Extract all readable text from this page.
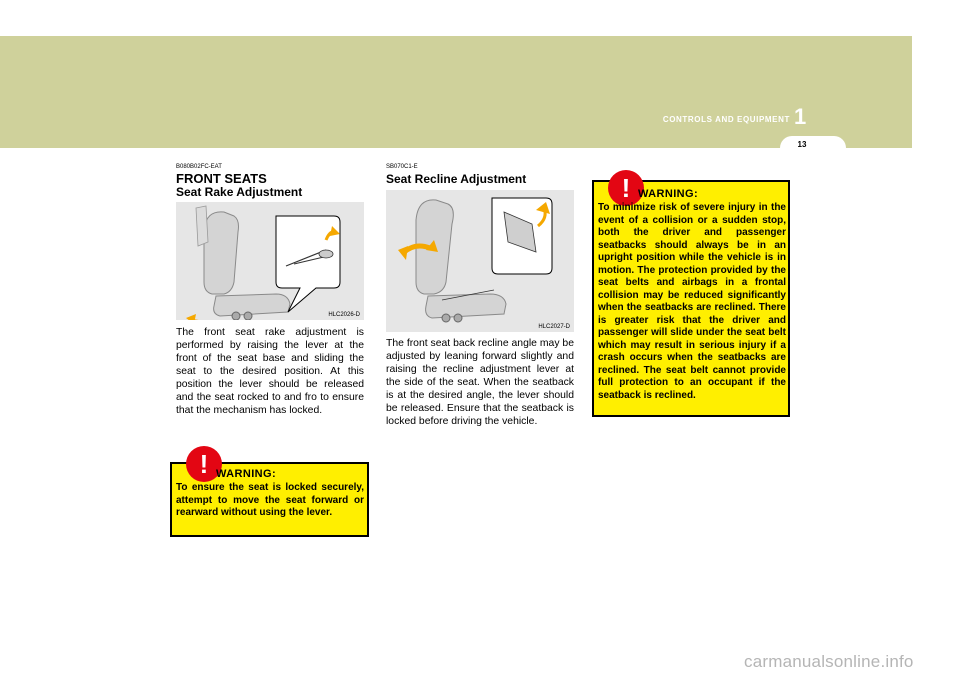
1
CONTROLS AND EQUIPMENT
13
B080B02FC-EAT
FRONT SEATS
Seat Rake Adjustment
HLC2026-D
The front seat rake adjustment is performed by raising the lever at the front of the seat base and sliding the seat to the desired position. At this position the lever should be released and the seat rocked to and fro to ensure that the mechanism has locked.
! WARNING:
To ensure the seat is locked securely, attempt to move the seat forward or rearward without using the lever.
SB070C1-E
Seat Recline Adjustment
HLC2027-D
The front seat back recline angle may be adjusted by leaning forward slightly and raising the recline adjustment lever at the side of the seat. When the seatback is at the desired angle, the lever should be released. Ensure that the seatback is locked before driving the vehicle.
! WARNING:
To minimize risk of severe injury in the event of a collision or a sudden stop, both the driver and passenger seatbacks should always be in an upright position while the vehicle is in motion. The protection provided by the seat belts and airbags in a frontal collision may be reduced significantly when the seatbacks are reclined. There is greater risk that the driver and passenger will slide under the seat belt which may result in serious injury if a crash occurs when the seatbacks are reclined. The seat belt cannot provide full protection to an occupant if the seatback is reclined.
carmanualsonline.info
